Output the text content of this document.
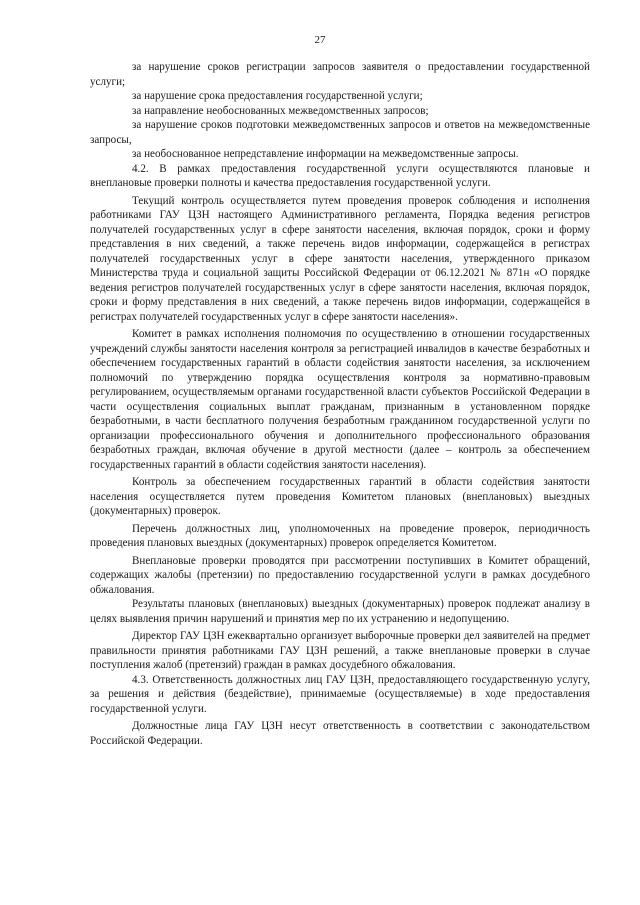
27

за нарушение сроков регистрации запросов заявителя о предоставлении государственной услуги;

за нарушение срока предоставления государственной услуги;

за направление необоснованных межведомственных запросов;

за нарушение сроков подготовки межведомственных запросов и ответов на межведомственные запросы,

за необоснованное непредставление информации на межведомственные запросы.

4.2. В рамках предоставления государственной услуги осуществляются плановые и внеплановые проверки полноты и качества предоставления государственной услуги.

Текущий контроль осуществляется путем проведения проверок соблюдения и исполнения работниками ГАУ ЦЗН настоящего Административного регламента, Порядка ведения регистров получателей государственных услуг в сфере занятости населения, включая порядок, сроки и форму представления в них сведений, а также перечень видов информации, содержащейся в регистрах получателей государственных услуг в сфере занятости населения, утвержденного приказом Министерства труда и социальной защиты Российской Федерации от 06.12.2021 № 871н «О порядке ведения регистров получателей государственных услуг в сфере занятости населения, включая порядок, сроки и форму представления в них сведений, а также перечень видов информации, содержащейся в регистрах получателей государственных услуг в сфере занятости населения».

Комитет в рамках исполнения полномочия по осуществлению в отношении государственных учреждений службы занятости населения контроля за регистрацией инвалидов в качестве безработных и обеспечением государственных гарантий в области содействия занятости населения, за исключением полномочий по утверждению порядка осуществления контроля за нормативно-правовым регулированием, осуществляемым органами государственной власти субъектов Российской Федерации в части осуществления социальных выплат гражданам, признанным в установленном порядке безработными, в части бесплатного получения безработным гражданином государственной услуги по организации профессионального обучения и дополнительного профессионального образования безработных граждан, включая обучение в другой местности (далее – контроль за обеспечением государственных гарантий в области содействия занятости населения).

Контроль за обеспечением государственных гарантий в области содействия занятости населения осуществляется путем проведения Комитетом плановых (внеплановых) выездных (документарных) проверок.

Перечень должностных лиц, уполномоченных на проведение проверок, периодичность проведения плановых выездных (документарных) проверок определяется Комитетом.

Внеплановые проверки проводятся при рассмотрении поступивших в Комитет обращений, содержащих жалобы (претензии) по предоставлению государственной услуги в рамках досудебного обжалования.

Результаты плановых (внеплановых) выездных (документарных) проверок подлежат анализу в целях выявления причин нарушений и принятия мер по их устранению и недопущению.

Директор ГАУ ЦЗН ежеквартально организует выборочные проверки дел заявителей на предмет правильности принятия работниками ГАУ ЦЗН решений, а также внеплановые проверки в случае поступления жалоб (претензий) граждан в рамках досудебного обжалования.

4.3. Ответственность должностных лиц ГАУ ЦЗН, предоставляющего государственную услугу, за решения и действия (бездействие), принимаемые (осуществляемые) в ходе предоставления государственной услуги.

Должностные лица ГАУ ЦЗН несут ответственность в соответствии с законодательством Российской Федерации.
